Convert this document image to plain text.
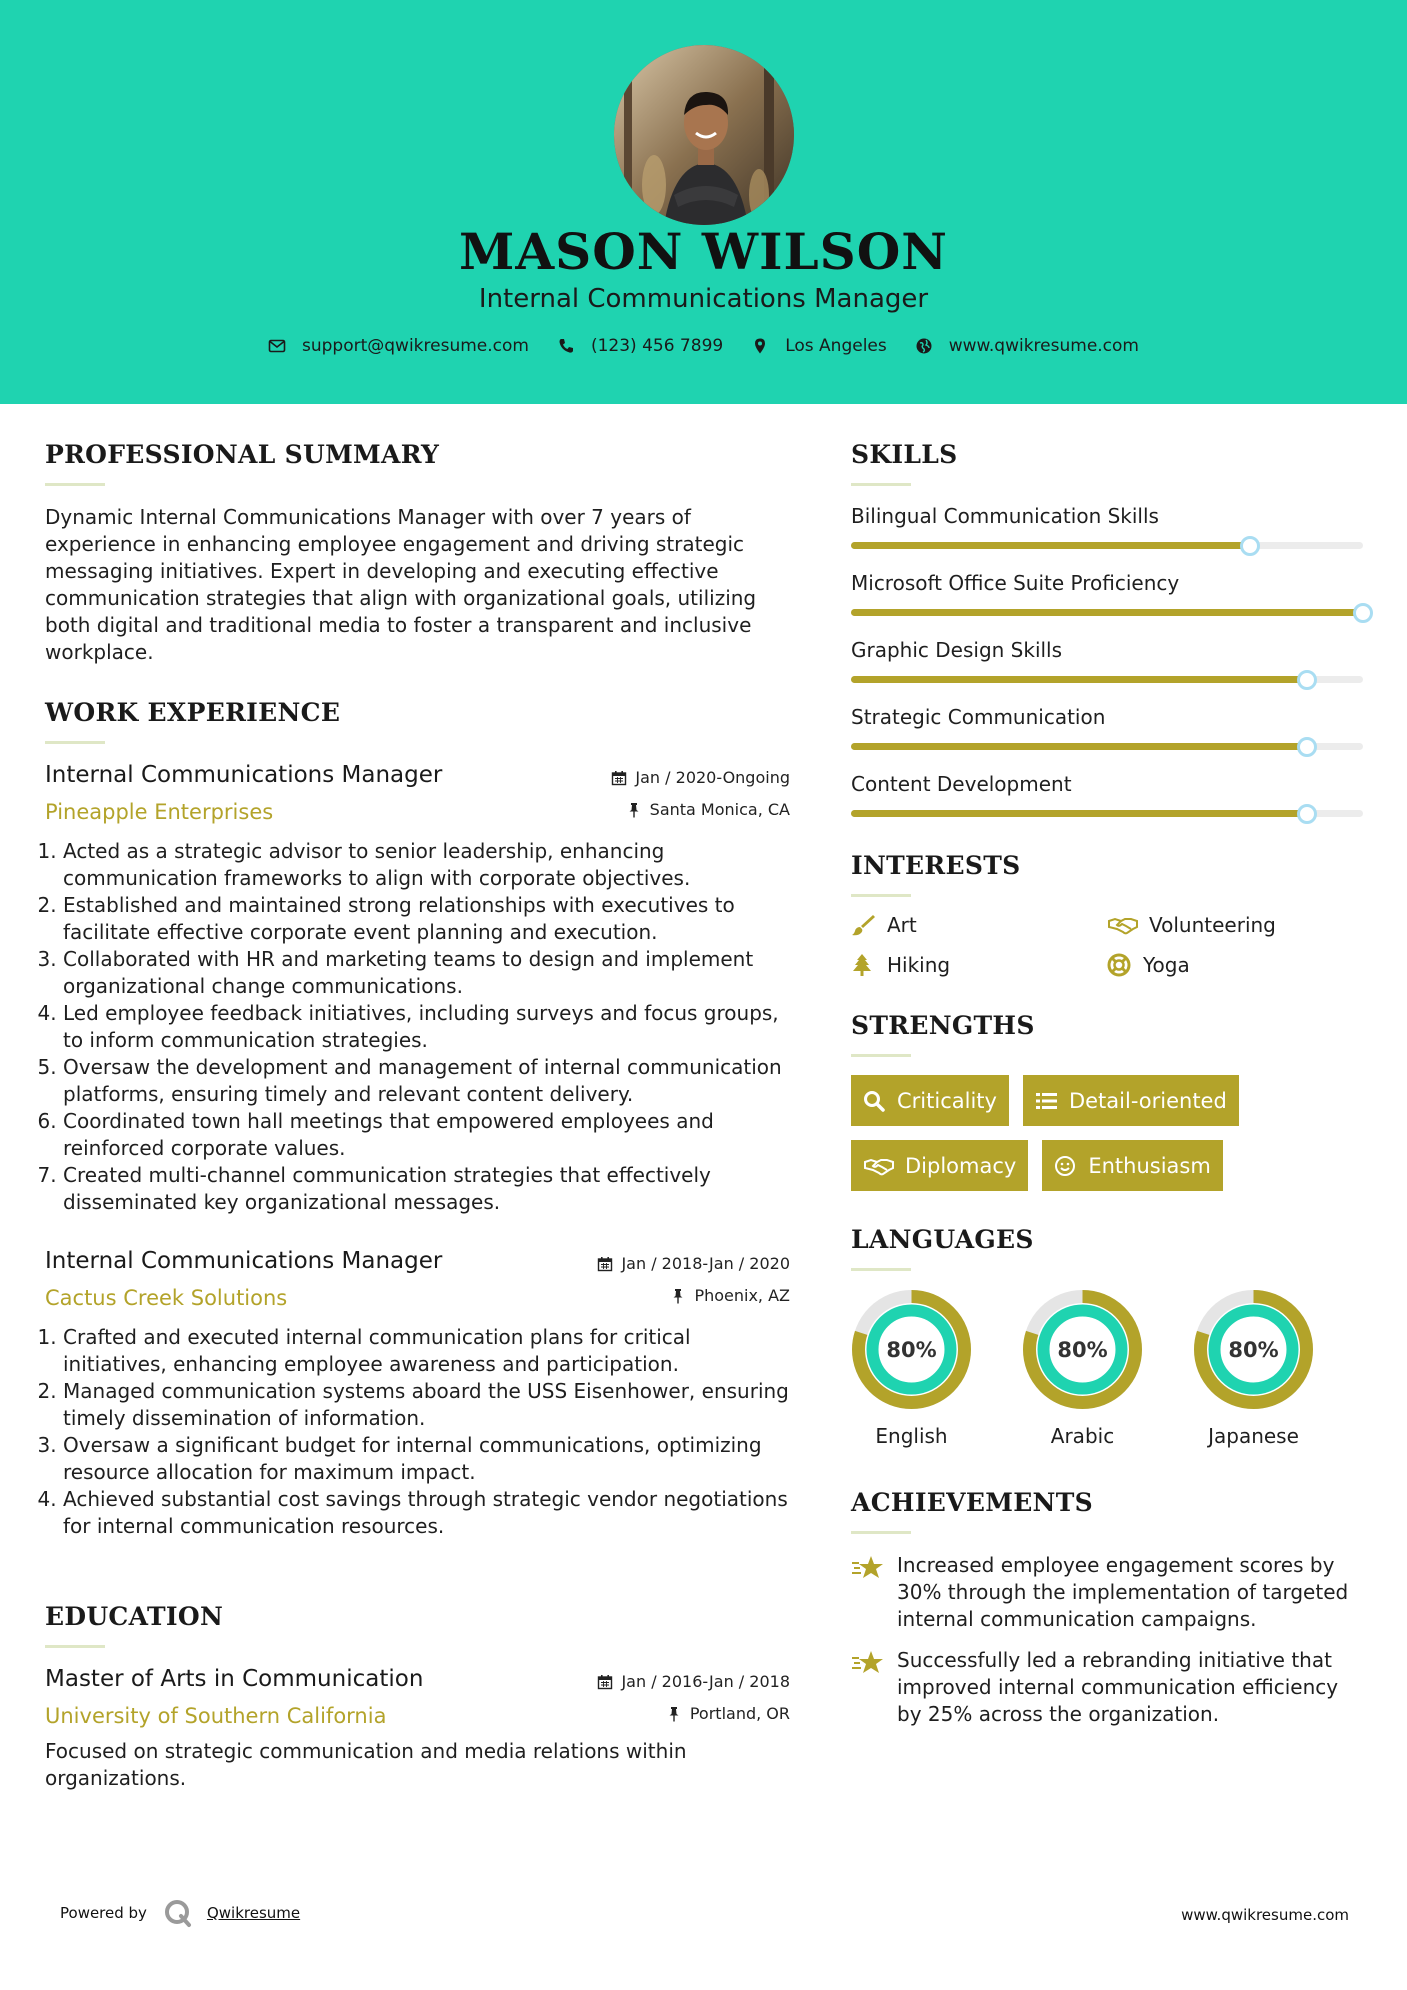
MASON WILSON
Internal Communications Manager
support@qwikresume.com	(123) 456 7899	Los Angeles	www.qwikresume.com
PROFESSIONAL SUMMARY

Dynamic Internal Communications Manager with over 7 years of experience in enhancing employee engagement and driving strategic messaging initiatives. Expert in developing and executing effective communication strategies that align with organizational goals, utilizing both digital and traditional media to foster a transparent and inclusive workplace.

WORK EXPERIENCE
Internal Communications Manager
Pineapple Enterprises
Jan / 2020-Ongoing
Santa Monica, CA
1. Acted as a strategic advisor to senior leadership, enhancing communication frameworks to align with corporate objectives.
2. Established and maintained strong relationships with executives to facilitate effective corporate event planning and execution.
3. Collaborated with HR and marketing teams to design and implement organizational change communications.
4. Led employee feedback initiatives, including surveys and focus groups, to inform communication strategies.
5. Oversaw the development and management of internal communication platforms, ensuring timely and relevant content delivery.
6. Coordinated town hall meetings that empowered employees and reinforced corporate values.
7. Created multi-channel communication strategies that effectively disseminated key organizational messages.
Internal Communications Manager
Cactus Creek Solutions
Jan / 2018-Jan / 2020
Phoenix, AZ
1. Crafted and executed internal communication plans for critical initiatives, enhancing employee awareness and participation.
2. Managed communication systems aboard the USS Eisenhower, ensuring timely dissemination of information.
3. Oversaw a significant budget for internal communications, optimizing resource allocation for maximum impact.
4. Achieved substantial cost savings through strategic vendor negotiations for internal communication resources.
EDUCATION
Master of Arts in Communication
University of Southern California
Jan / 2016-Jan / 2018
Portland, OR

Focused on strategic communication and media relations within organizations.

SKILLS
Bilingual Communication Skills
Microsoft Office Suite Proficiency
Graphic Design Skills
Strategic Communication
Content Development
INTERESTS
Art	Volunteering
Hiking	Yoga
STRENGTHS
Criticality	Detail-oriented
Diplomacy	Enthusiasm
LANGUAGES
80%
English
80%
Arabic
80%
Japanese
ACHIEVEMENTS
Increased employee engagement scores by 30% through the implementation of targeted internal communication campaigns.
Successfully led a rebranding initiative that improved internal communication efficiency by 25% across the organization.
Powered by	Qwikresume	www.qwikresume.com
